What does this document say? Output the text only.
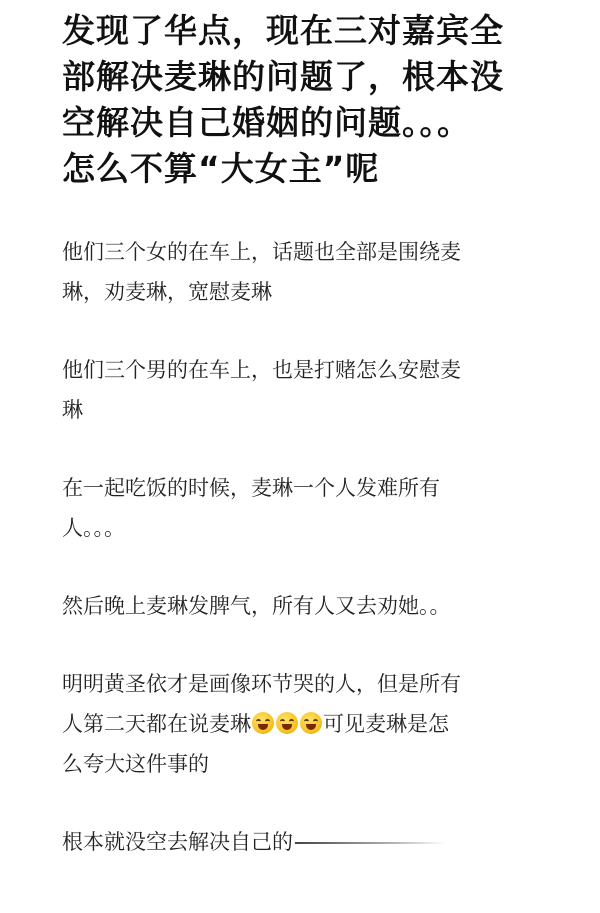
发现了华点，现在三对嘉宾全
部解决麦琳的问题了，根本没
空解决自己婚姻的问题。。。
怎么不算“大女主”呢

他们三个女的在车上，话题也全部是围绕麦
琳，劝麦琳，宽慰麦琳

他们三个男的在车上，也是打赌怎么安慰麦
琳

在一起吃饭的时候，麦琳一个人发难所有
人。。。

然后晚上麦琳发脾气，所有人又去劝她。。

明明黄圣依才是画像环节哭的人，但是所有
人第二天都在说麦琳	可见麦琳是怎
么夸大这件事的

根本就没空去解决自己的
